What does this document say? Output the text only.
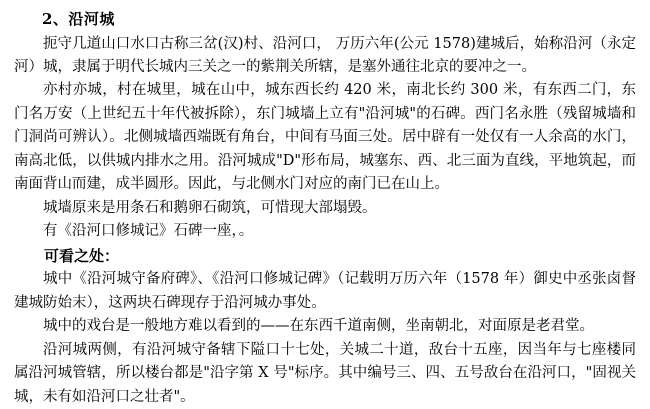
2、沿河城

扼守几道山口水口古称三岔(汉)村、沿河口， 万历六年(公元 1578)建城后，始称沿河（永定河）城，隶属于明代长城内三关之一的紫荆关所辖，是塞外通往北京的要冲之一。

亦村亦城，村在城里，城在山中，城东西长约 420 米，南北长约 300 米，有东西二门，东门名万安（上世纪五十年代被拆除），东门城墙上立有"沿河城"的石碑。西门名永胜（残留城墙和门洞尚可辨认）。北侧城墙西端既有角台，中间有马面三处。居中辟有一处仅有一人余高的水门，南高北低，以供城内排水之用。沿河城成"D"形布局，城塞东、西、北三面为直线，平地筑起，而南面背山而建，成半圆形。因此，与北侧水门对应的南门已在山上。

城墙原来是用条石和鹅卵石砌筑，可惜现大部塌毁。

有《沿河口修城记》石碑一座，。

可看之处：

城中《沿河城守备府碑》、《沿河口修城记碑》（记载明万历六年（1578 年）御史中丞张卤督建城防始末），这两块石碑现存于沿河城办事处。

城中的戏台是一般地方难以看到的——在东西千道南侧，坐南朝北，对面原是老君堂。

沿河城两侧，有沿河城守备辖下隘口十七处，关城二十道，敌台十五座，因当年与七座楼同属沿河城管辖，所以楼台都是"沿字第 X 号"标序。其中编号三、四、五号敌台在沿河口，"固视关城，未有如沿河口之壮者"。
